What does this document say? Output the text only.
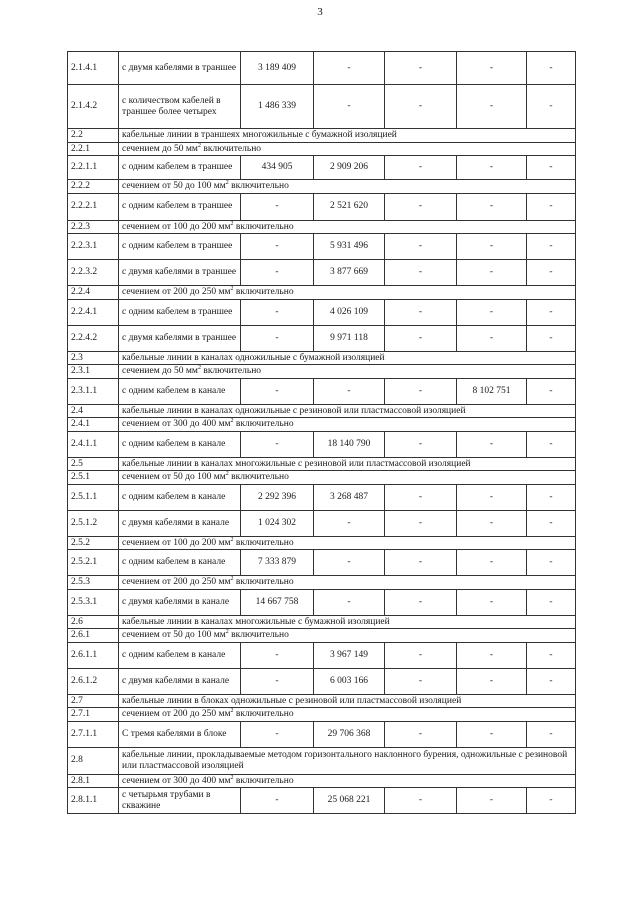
3
2.1.4.1	с двумя кабелями в траншее	3 189 409	-	-	-	-
2.1.4.2	с количеством кабелей в траншее более четырех	1 486 339	-	-	-	-
2.2	кабельные линии в траншеях многожильные с бумажной изоляцией					
2.2.1	сечением до 50 $мм^2$ включительно					
2.2.1.1	с одним кабелем в траншее	434 905	2 909 206	-	-	-
2.2.2	сечением от 50 до 100 $мм^2$ включительно					
2.2.2.1	с одним кабелем в траншее	-	2 521 620	-	-	-
2.2.3	сечением от 100 до 200 $мм^2$ включительно					
2.2.3.1	с одним кабелем в траншее	-	5 931 496	-	-	-
2.2.3.2	с двумя кабелями в траншее	-	3 877 669	-	-	-
2.2.4	сечением от 200 до 250 $мм^2$ включительно					
2.2.4.1	с одним кабелем в траншее	-	4 026 109	-	-	-
2.2.4.2	с двумя кабелями в траншее	-	9 971 118	-	-	-
2.3	кабельные линии в каналах одножильные с бумажной изоляцией					
2.3.1	сечением до 50 $мм^2$ включительно					
2.3.1.1	с одним кабелем в канале	-	-	-	8 102 751	-
2.4	кабельные линии в каналах одножильные с резиновой или пластмассовой изоляцией					
2.4.1	сечением от 300 до 400 $мм^2$ включительно					
2.4.1.1	с одним кабелем в канале	-	18 140 790	-	-	-
2.5	кабельные линии в каналах многожильные с резиновой или пластмассовой изоляцией					
2.5.1	сечением от 50 до 100 $мм^2$ включительно					
2.5.1.1	с одним кабелем в канале	2 292 396	3 268 487	-	-	-
2.5.1.2	с двумя кабелями в канале	1 024 302	-	-	-	-
2.5.2	сечением от 100 до 200 $мм^2$ включительно					
2.5.2.1	с одним кабелем в канале	7 333 879	-	-	-	-
2.5.3	сечением от 200 до 250 $мм^2$ включительно					
2.5.3.1	с двумя кабелями в канале	14 667 758	-	-	-	-
2.6	кабельные линии в каналах многожильные с бумажной изоляцией					
2.6.1	сечением от 50 до 100 $мм^2$ включительно					
2.6.1.1	с одним кабелем в канале	-	3 967 149	-	-	-
2.6.1.2	с двумя кабелями в канале	-	6 003 166	-	-	-
2.7	кабельные линии в блоках одножильные с резиновой или пластмассовой изоляцией					
2.7.1	сечением от 200 до 250 $мм^2$ включительно					
2.7.1.1	С тремя кабелями в блоке	-	29 706 368	-	-	-
2.8	кабельные линии, прокладываемые методом горизонтального наклонного бурения, одножильные с резиновой или пластмассовой изоляцией					
2.8.1	сечением от 300 до 400 $мм^2$ включительно					
2.8.1.1	с четырьмя трубами в скважине	-	25 068 221	-	-	-
